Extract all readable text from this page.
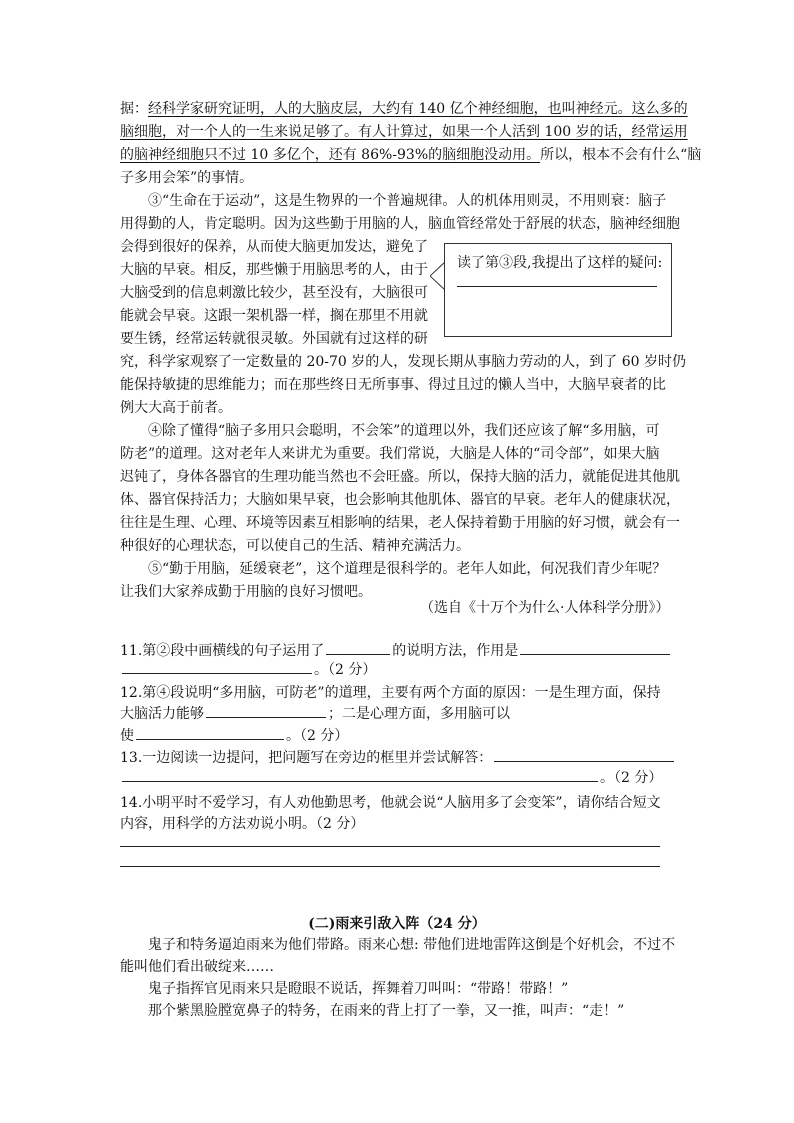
据：经科学家研究证明，人的大脑皮层，大约有 140 亿个神经细胞，也叫神经元。这么多的
脑细胞，对一个人的一生来说足够了。有人计算过，如果一个人活到 100 岁的话，经常运用
的脑神经细胞只不过 10 多亿个，还有 86%-93%的脑细胞没动用。所以，根本不会有什么“脑
子多用会笨”的事情。
③“生命在于运动”，这是生物界的一个普遍规律。人的机体用则灵，不用则衰：脑子
用得勤的人，肯定聪明。因为这些勤于用脑的人，脑血管经常处于舒展的状态，脑神经细胞
会得到很好的保养，从而使大脑更加发达，避免了
大脑的早衰。相反，那些懒于用脑思考的人，由于
大脑受到的信息刺激比较少，甚至没有，大脑很可
能就会早衰。这跟一架机器一样，搁在那里不用就
要生锈，经常运转就很灵敏。外国就有过这样的研
究，科学家观察了一定数量的 20-70 岁的人，发现长期从事脑力劳动的人，到了 60 岁时仍
能保持敏捷的思维能力；而在那些终日无所事事、得过且过的懒人当中，大脑早衰者的比
例大大高于前者。
读了第③段,我提出了这样的疑问:
④除了懂得“脑子多用只会聪明，不会笨”的道理以外，我们还应该了解“多用脑，可
防老”的道理。这对老年人来讲尤为重要。我们常说，大脑是人体的“司令部”，如果大脑
迟钝了，身体各器官的生理功能当然也不会旺盛。所以，保持大脑的活力，就能促进其他肌
体、器官保持活力；大脑如果早衰，也会影响其他肌体、器官的早衰。老年人的健康状况，
往往是生理、心理、环境等因素互相影响的结果，老人保持着勤于用脑的好习惯，就会有一
种很好的心理状态，可以使自己的生活、精神充满活力。
⑤“勤于用脑，延缓衰老”，这个道理是很科学的。老年人如此，何况我们青少年呢？
让我们大家养成勤于用脑的良好习惯吧。
（选自《十万个为什么·人体科学分册》）
11.第②段中画横线的句子运用了	的说明方法，作用是
。（2 分）
12.第④段说明“多用脑，可防老”的道理，主要有两个方面的原因：一是生理方面，保持
大脑活力能够	；二是心理方面，多用脑可以
使	。（2 分）
13.一边阅读一边提问，把问题写在旁边的框里并尝试解答：
。（2 分）
14.小明平时不爱学习，有人劝他勤思考，他就会说“人脑用多了会变笨”，请你结合短文
内容，用科学的方法劝说小明。（2 分）
(二)雨来引敌入阵（24 分）
鬼子和特务逼迫雨来为他们带路。雨来心想: 带他们进地雷阵这倒是个好机会，不过不
能叫他们看出破绽来……
鬼子指挥官见雨来只是瞪眼不说话，挥舞着刀叫叫：“带路！带路！”
那个紫黑脸膛宽鼻子的特务，在雨来的背上打了一拳，又一推，叫声：“走！”
